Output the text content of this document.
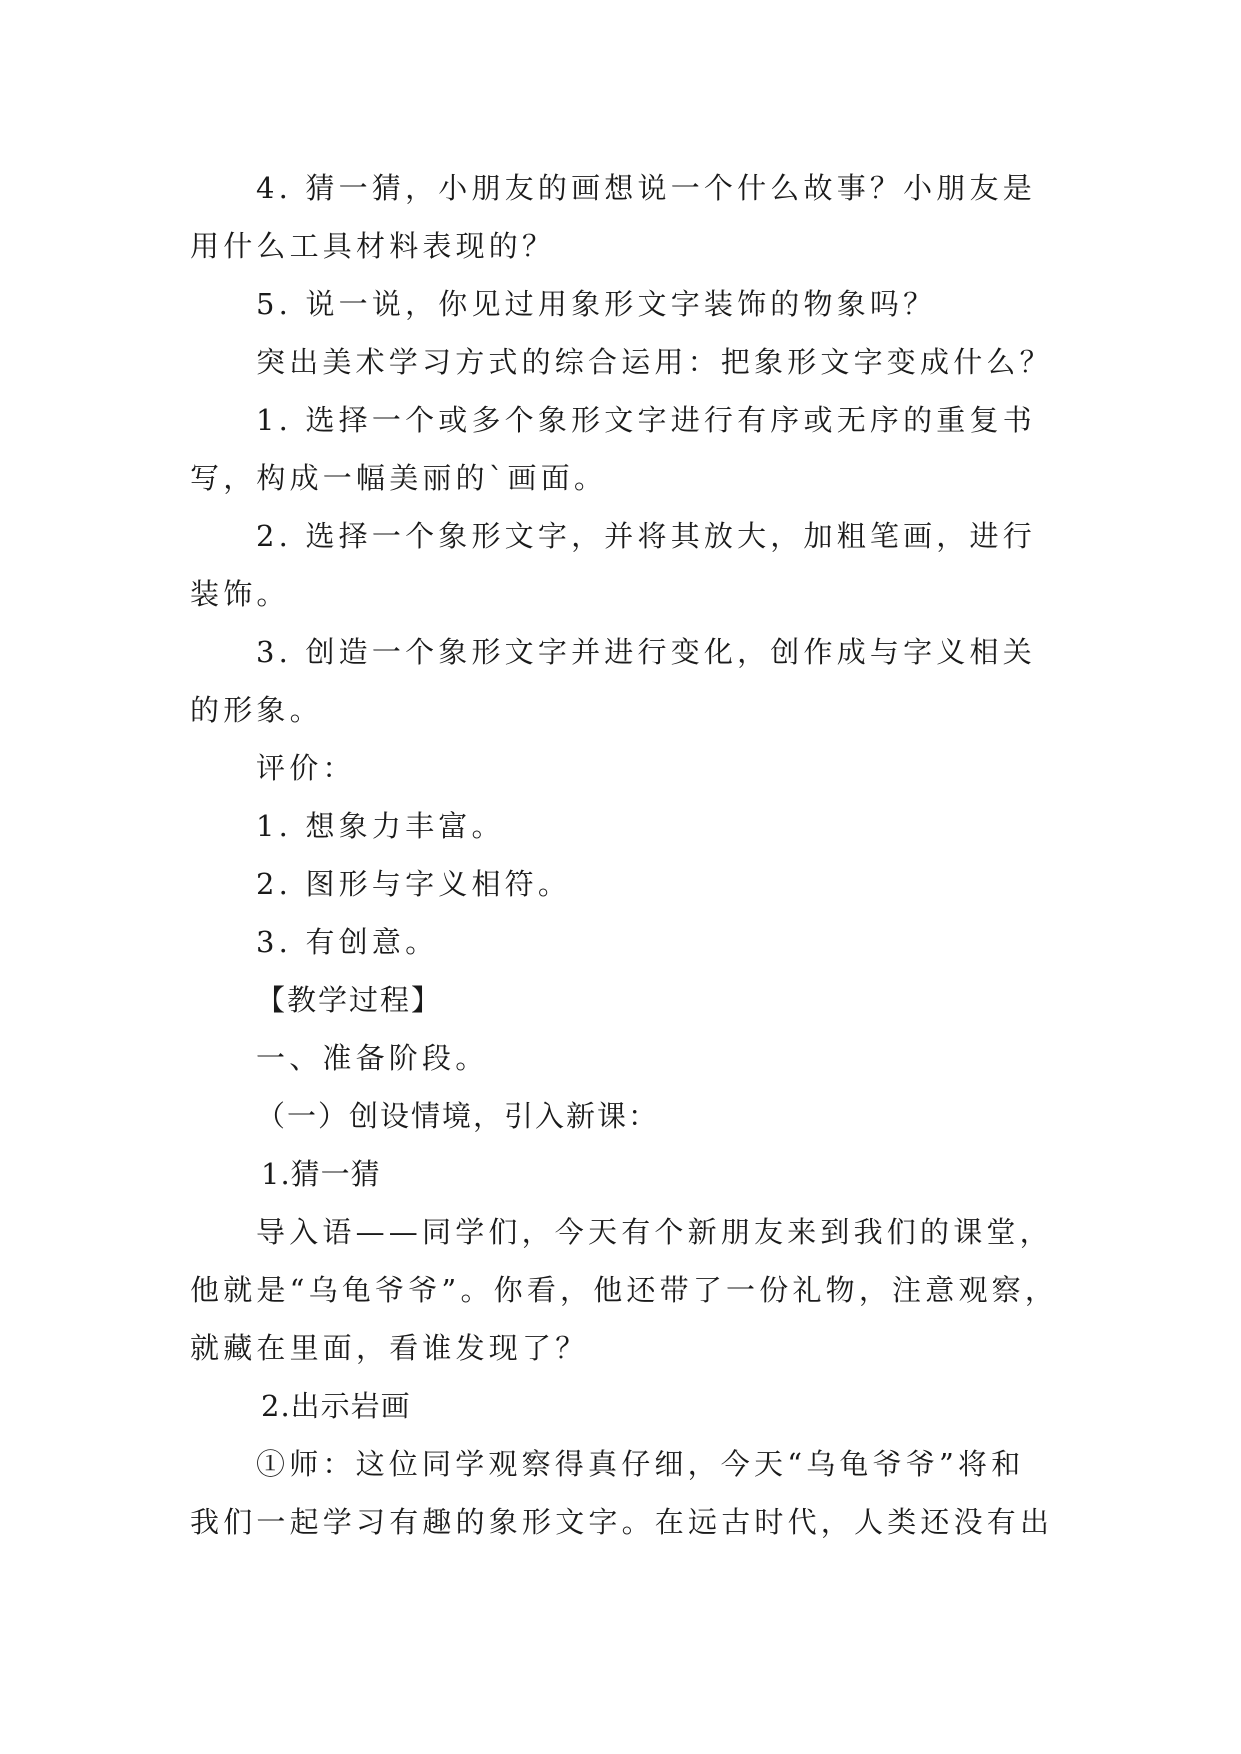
4. 猜一猜，小朋友的画想说一个什么故事？小朋友是
用什么工具材料表现的？
5. 说一说，你见过用象形文字装饰的物象吗？
突出美术学习方式的综合运用：把象形文字变成什么？
1. 选择一个或多个象形文字进行有序或无序的重复书
写，构成一幅美丽的`画面。
2. 选择一个象形文字，并将其放大，加粗笔画，进行
装饰。
3. 创造一个象形文字并进行变化，创作成与字义相关
的形象。
评价：
1. 想象力丰富。
2. 图形与字义相符。
3. 有创意。
【教学过程】
一、准备阶段。
（一）创设情境，引入新课：
1.猜一猜
导入语——同学们，今天有个新朋友来到我们的课堂，
他就是“乌龟爷爷”。你看，他还带了一份礼物，注意观察，
就藏在里面，看谁发现了？
2.出示岩画
①师：这位同学观察得真仔细，今天“乌龟爷爷”将和
我们一起学习有趣的象形文字。在远古时代，人类还没有出
